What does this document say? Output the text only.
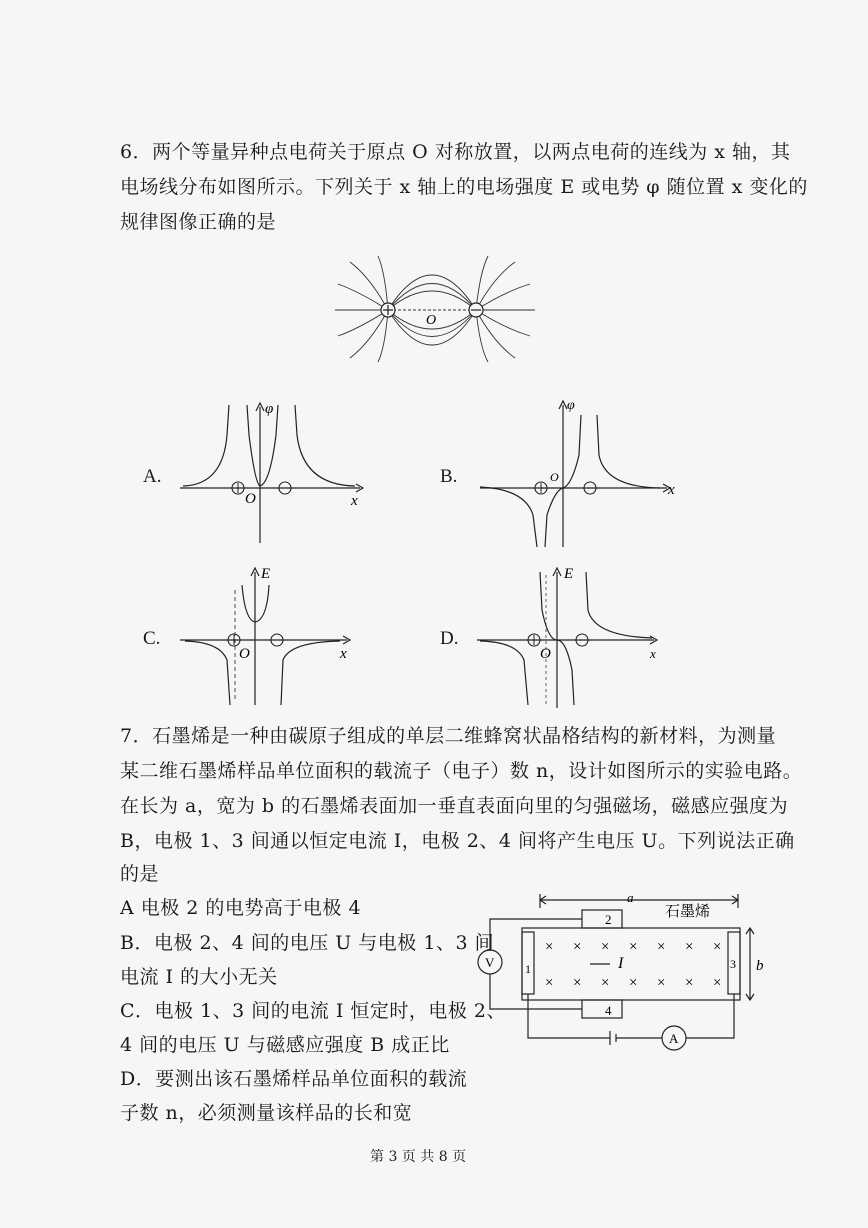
6．两个等量异种点电荷关于原点 O 对称放置，以两点电荷的连线为 x 轴，其
电场线分布如图所示。下列关于 x 轴上的电场强度 E 或电势 φ 随位置 x 变化的
规律图像正确的是
O
A.
φ
x
O
B.
φ
x
O
C.
E
x
O
D.
E
x
O
7．石墨烯是一种由碳原子组成的单层二维蜂窝状晶格结构的新材料，为测量
某二维石墨烯样品单位面积的载流子（电子）数 n，设计如图所示的实验电路。
在长为 a，宽为 b 的石墨烯表面加一垂直表面向里的匀强磁场，磁感应强度为
B，电极 1、3 间通以恒定电流 I，电极 2、4 间将产生电压 U。下列说法正确
的是
A 电极 2 的电势高于电极 4
B．电极 2、4 间的电压 U 与电极 1、3 间
电流 I 的大小无关
C．电极 1、3 间的电流 I 恒定时，电极 2、
4 间的电压 U 与磁感应强度 B 成正比
D．要测出该石墨烯样品单位面积的载流
子数 n，必须测量该样品的长和宽
石墨烯
a
b
1
2
3
4
V
A
I
× × × × × × ×
× × × × × × ×
第 3 页 共 8 页
